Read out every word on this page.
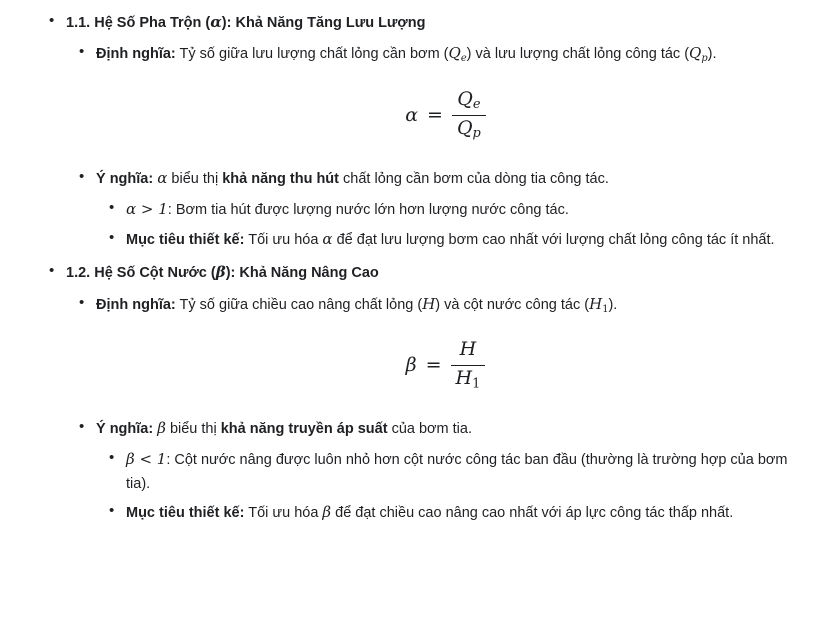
• 1.1. Hệ Số Pha Trộn (α): Khả Năng Tăng Lưu Lượng
• Định nghĩa: Tỷ số giữa lưu lượng chất lỏng cần bơm $(Q_e)$ và lưu lượng chất lỏng công tác $(Q_p)$.
$\alpha = \frac{Q_e}{Q_p}$
• Ý nghĩa: α biểu thị khả năng thu hút chất lỏng cần bơm của dòng tia công tác.
• α > 1: Bơm tia hút được lượng nước lớn hơn lượng nước công tác.
• Mục tiêu thiết kế: Tối ưu hóa α để đạt lưu lượng bơm cao nhất với lượng chất lỏng công tác ít nhất.
• 1.2. Hệ Số Cột Nước (β): Khả Năng Nâng Cao
• Định nghĩa: Tỷ số giữa chiều cao nâng chất lỏng (H) và cột nước công tác (H1).
$\beta = \frac{H}{H1}$
• Ý nghĩa: β biểu thị khả năng truyền áp suất của bơm tia.
• β < 1: Cột nước nâng được luôn nhỏ hơn cột nước công tác ban đầu (thường là trường hợp của bơm tia).
• Mục tiêu thiết kế: Tối ưu hóa β để đạt chiều cao nâng cao nhất với áp lực công tác thấp nhất.
